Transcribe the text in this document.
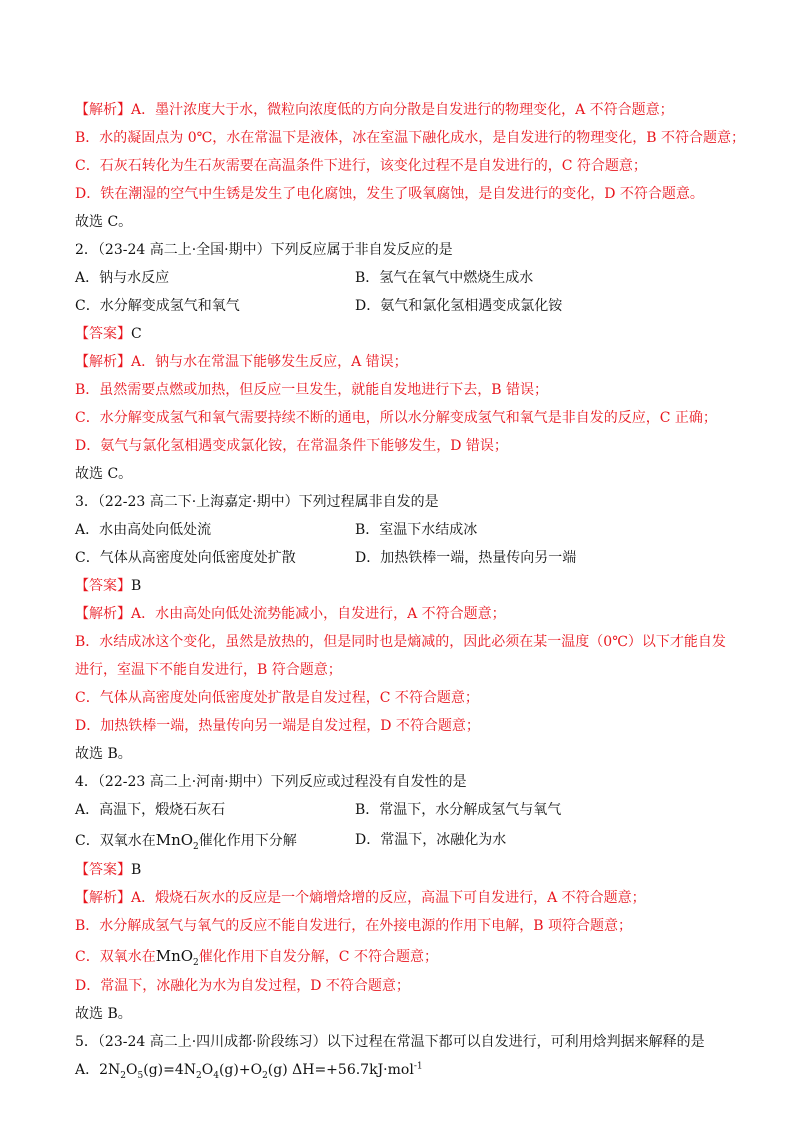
【解析】A．墨汁浓度大于水，微粒向浓度低的方向分散是自发进行的物理变化，A 不符合题意；
B．水的凝固点为 0℃，水在常温下是液体，冰在室温下融化成水，是自发进行的物理变化，B 不符合题意；
C．石灰石转化为生石灰需要在高温条件下进行，该变化过程不是自发进行的，C 符合题意；
D．铁在潮湿的空气中生锈是发生了电化腐蚀，发生了吸氧腐蚀，是自发进行的变化，D 不符合题意。
故选 C。
2．（23-24 高二上·全国·期中）下列反应属于非自发反应的是
A．钠与水反应	B．氢气在氧气中燃烧生成水
C．水分解变成氢气和氧气	D．氨气和氯化氢相遇变成氯化铵
【答案】C
【解析】A．钠与水在常温下能够发生反应，A 错误；
B．虽然需要点燃或加热，但反应一旦发生，就能自发地进行下去，B 错误；
C．水分解变成氢气和氧气需要持续不断的通电，所以水分解变成氢气和氧气是非自发的反应，C 正确；
D．氨气与氯化氢相遇变成氯化铵，在常温条件下能够发生，D 错误；
故选 C。
3．（22-23 高二下·上海嘉定·期中）下列过程属非自发的是
A．水由高处向低处流	B．室温下水结成冰
C．气体从高密度处向低密度处扩散	D．加热铁棒一端，热量传向另一端
【答案】B
【解析】A．水由高处向低处流势能减小，自发进行，A 不符合题意；
B．水结成冰这个变化，虽然是放热的，但是同时也是熵减的，因此必须在某一温度（0℃）以下才能自发
进行，室温下不能自发进行，B 符合题意；
C．气体从高密度处向低密度处扩散是自发过程，C 不符合题意；
D．加热铁棒一端，热量传向另一端是自发过程，D 不符合题意；
故选 B。
4．（22-23 高二上·河南·期中）下列反应或过程没有自发性的是
A．高温下，煅烧石灰石	B．常温下，水分解成氢气与氧气
C．双氧水在MnO$_2$催化作用下分解	D．常温下，冰融化为水
【答案】B
【解析】A．煅烧石灰水的反应是一个熵增焓增的反应，高温下可自发进行，A 不符合题意；
B．水分解成氢气与氧气的反应不能自发进行，在外接电源的作用下电解，B 项符合题意；
C．双氧水在MnO$_2$催化作用下自发分解，C 不符合题意；
D．常温下，冰融化为水为自发过程，D 不符合题意；
故选 B。
5．（23-24 高二上·四川成都·阶段练习）以下过程在常温下都可以自发进行，可利用焓判据来解释的是
A．$2N_2O_5(g)=4N_2O_4(g)+O_2(g)$ ΔH=+56.7kJ·mol$^{-1}$
